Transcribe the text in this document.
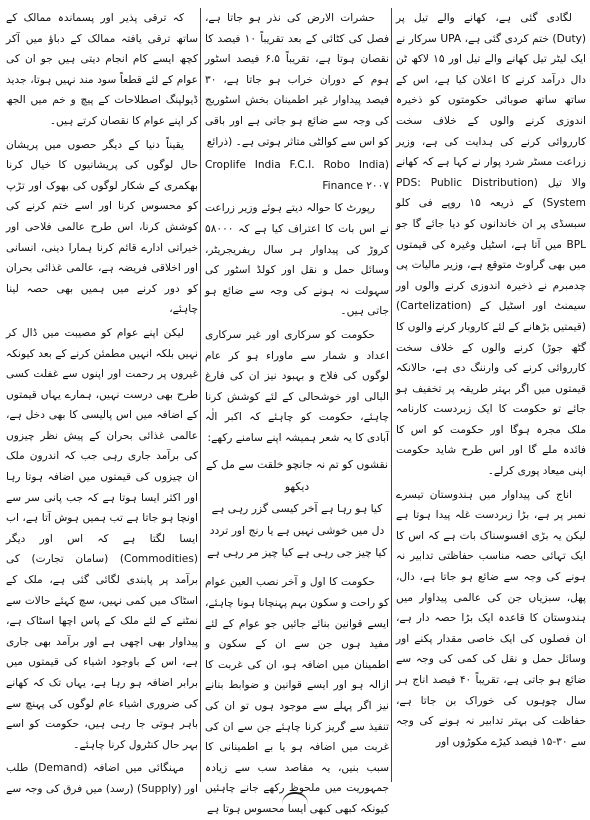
لگادی گئی ہے، کھانے والے تیل پر (Duty) ختم کردی گئی ہے، UPA سرکار نے ایک لیٹر تیل کھانے والے تیل اور ۱۵ لاکھ ٹن دال درآمد کرنے کا اعلان کیا ہے، اس کے ساتھ ساتھ صوبائی حکومتوں کو ذخیرہ اندوزی کرنے والوں کے خلاف سخت کارروائی کرنے کی ہدایت کی ہے، وزیر زراعت مسٹر شرد پوار نے کہا ہے کہ کھانے والا تیل (PDS: Public Distribution System) کے ذریعہ ۱۵ روپے فی کلو سبسڈی پر ان خاندانوں کو دیا جائے گا جو BPL میں آتا ہے، اسٹیل وغیرہ کی قیمتوں میں بھی گراوٹ متوقع ہے، وزیر مالیات پی چدمبرم نے ذخیرہ اندوزی کرنے والوں اور سیمنٹ اور اسٹیل کے (Cartelization) (قیمتیں بڑھانے کے لئے کاروبار کرنے والوں کا گٹھ جوڑ) کرنے والوں کے خلاف سخت کارروائی کرنے کی وارننگ دی ہے، حالانکہ قیمتوں میں اگر بہتر طریقہ پر تخفیف ہو جائے تو حکومت کا ایک زبردست کارنامہ ملک مجرہ ہوگا اور حکومت کو اس کا فائدہ ملے گا اور اس طرح شاید حکومت اپنی میعاد پوری کرلے۔

اناج کی پیداوار میں ہندوستان تیسرے نمبر پر ہے، بڑا زبردست غلہ پیدا ہوتا ہے لیکن یہ بڑی افسوسناک بات ہے کہ اس کا ایک تہائی حصہ مناسب حفاظتی تدابیر نہ ہونے کی وجہ سے ضائع ہو جاتا ہے، دال، پھل، سبزیاں جن کی عالمی پیداوار میں ہندوستان کا قاعدہ ایک بڑا حصہ دار ہے، ان فصلوں کی ایک خاصی مقدار پکنے اور وسائل حمل و نقل کی کمی کی وجہ سے ضائع ہو جاتی ہے، تقریباً ۴۰ فیصد اناج ہر سال چوہوں کی خوراک بن جاتا ہے، حفاظت کی بہتر تدابیر نہ ہونے کی وجہ سے ۳۰-۱۵ فیصد کیڑے مکوڑوں اور

حشرات الارض کی نذر ہو جاتا ہے، فصل کی کٹائی کے بعد تقریباً ۱۰ فیصد کا نقصان ہوتا ہے، تقریباً ۶.۵ فیصد اسٹور ہوم کے دوران خراب ہو جاتا ہے، ۳۰ فیصد پیداوار غیر اطمینان بخش اسٹوریج کی وجہ سے ضائع ہو جاتی ہے اور باقی کو اس سے کوالٹی متاثر ہوتی ہے۔ (ذرائع

(Croplife India F.C.I. Robo India Finance ۲۰۰۷

رپورٹ کا حوالہ دیتے ہوئے وزیر زراعت نے اس بات کا اعتراف کیا ہے کہ ۵۸۰۰۰ کروڑ کی پیداوار ہر سال ریفریجریٹر، وسائل حمل و نقل اور کولڈ اسٹور کی سہولت نہ ہونے کی وجہ سے ضائع ہو جاتی ہیں۔

حکومت کو سرکاری اور غیر سرکاری اعداد و شمار سے ماوراء ہو کر عام لوگوں کی فلاح و بہبود نیز ان کی فارغ البالی اور خوشحالی کے لئے کوشش کرنا چاہئے، حکومت کو چاہئے کہ اکبر الٰہ آبادی کا یہ شعر ہمیشہ اپنے سامنے رکھے:

نقشوں کو تم نہ جانچو خلقت سے مل کے دیکھو
کیا ہو رہا ہے آخر کیسی گزر رہی ہے
دل میں خوشی نہیں ہے یا رنج اور تردد
کیا چیز جی رہی ہے کیا چیز مر رہی ہے

حکومت کا اول و آخر نصب العین عوام کو راحت و سکون بہم پہنچانا ہونا چاہئے، ایسے قوانین بنائے جائیں جو عوام کے لئے مفید ہوں جن سے ان کے سکون و اطمینان میں اضافہ ہو، ان کی غربت کا ازالہ ہو اور ایسے قوانین و ضوابط بنانے نیز اگر پہلے سے موجود ہوں تو ان کی تنفیذ سے گریز کرنا چاہئے جن سے ان کی غربت میں اضافہ ہو یا بے اطمینانی کا سبب بنیں، یہ مقاصد سب سے زیادہ جمہوریت میں ملحوظ رکھے جانے چاہئیں کیونکہ کبھی کبھی ایسا محسوس ہوتا ہے

کہ ترقی پذیر اور پسماندہ ممالک کے ساتھ ترقی یافتہ ممالک کے دباؤ میں آکر کچھ ایسے کام انجام دیتی ہیں جو ان کی عوام کے لئے قطعاً سود مند نہیں ہوتا، جدید ڈیولپنگ اصطلاحات کے پیچ و خم میں الجھ کر اپنے عوام کا نقصان کرتے ہیں۔

یقیناً دنیا کے دیگر حصوں میں پریشان حال لوگوں کی پریشانیوں کا خیال کرنا بھکمری کے شکار لوگوں کی بھوک اور تڑپ کو محسوس کرنا اور اسے ختم کرنے کی کوشش کرنا، اس طرح عالمی فلاحی اور خیراتی ادارے قائم کرنا ہمارا دینی، انسانی اور اخلاقی فریضہ ہے، عالمی غذائی بحران کو دور کرنے میں ہمیں بھی حصہ لینا چاہئے،

لیکن اپنے عوام کو مصیبت میں ڈال کر نہیں بلکہ انہیں مطمئن کرنے کے بعد کیونکہ غیروں پر رحمت اور اپنوں سے غفلت کسی طرح بھی درست نہیں، ہمارے یہاں قیمتوں کے اضافہ میں اس پالیسی کا بھی دخل ہے، عالمی غذائی بحران کے پیش نظر چیزوں کی برآمد جاری رہی جب کہ اندرون ملک ان چیزوں کی قیمتوں میں اضافہ ہوتا رہا اور اکثر ایسا ہوتا ہے کہ جب پانی سر سے اونچا ہو جاتا ہے تب ہمیں ہوش آتا ہے، اب ایسا لگتا ہے کہ اس اور دیگر (Commodities) (سامان تجارت) کی برآمد پر پابندی لگائی گئی ہے، ملک کے اسٹاک میں کمی نہیں، سچ کہئے حالات سے نمٹنے کے لئے ملک کے پاس اچھا اسٹاک ہے، پیداوار بھی اچھی ہے اور برآمد بھی جاری ہے، اس کے باوجود اشیاء کی قیمتوں میں برابر اضافہ ہو رہا ہے، یہاں تک کہ کھانے کی ضروری اشیاء عام لوگوں کی پہنچ سے باہر ہوتی جا رہی ہیں، حکومت کو اسے بہر حال کنٹرول کرنا چاہئے۔

مہنگائی میں اضافہ (Demand) طلب اور (Supply) (رسد) میں فرق کی وجہ سے
